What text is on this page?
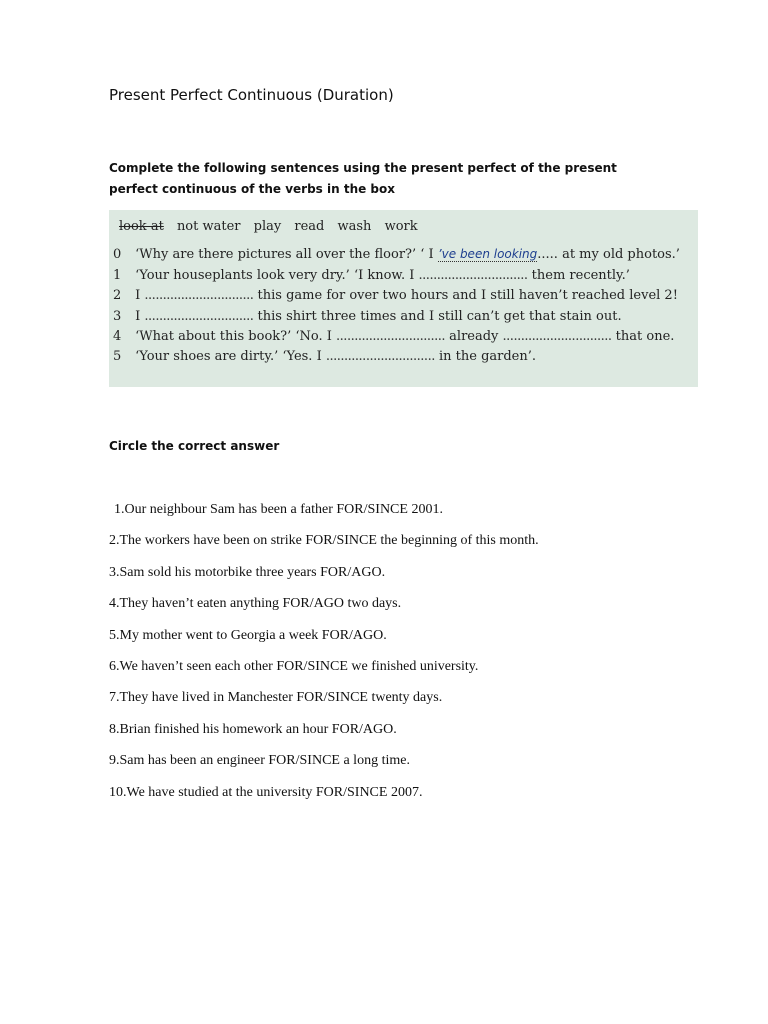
Present Perfect Continuous (Duration)
Complete the following sentences using the present perfect of the present perfect continuous of the verbs in the box
look at not water play read wash work
0 ‘Why are there pictures all over the floor?’ ‘ I ’ve been looking..... at my old photos.’
1 ‘Your houseplants look very dry.’ ‘I know. I .............................. them recently.’
2 I .............................. this game for over two hours and I still haven’t reached level 2!
3 I .............................. this shirt three times and I still can’t get that stain out.
4 ‘What about this book?’ ‘No. I .............................. already .............................. that one.
5 ‘Your shoes are dirty.’ ‘Yes. I .............................. in the garden’.
Circle the correct answer
1.Our neighbour Sam has been a father FOR/SINCE 2001.
2.The workers have been on strike FOR/SINCE the beginning of this month.
3.Sam sold his motorbike three years FOR/AGO.
4.They haven’t eaten anything FOR/AGO two days.
5.My mother went to Georgia a week FOR/AGO.
6.We haven’t seen each other FOR/SINCE we finished university.
7.They have lived in Manchester FOR/SINCE twenty days.
8.Brian finished his homework an hour FOR/AGO.
9.Sam has been an engineer FOR/SINCE a long time.
10.We have studied at the university FOR/SINCE 2007.
